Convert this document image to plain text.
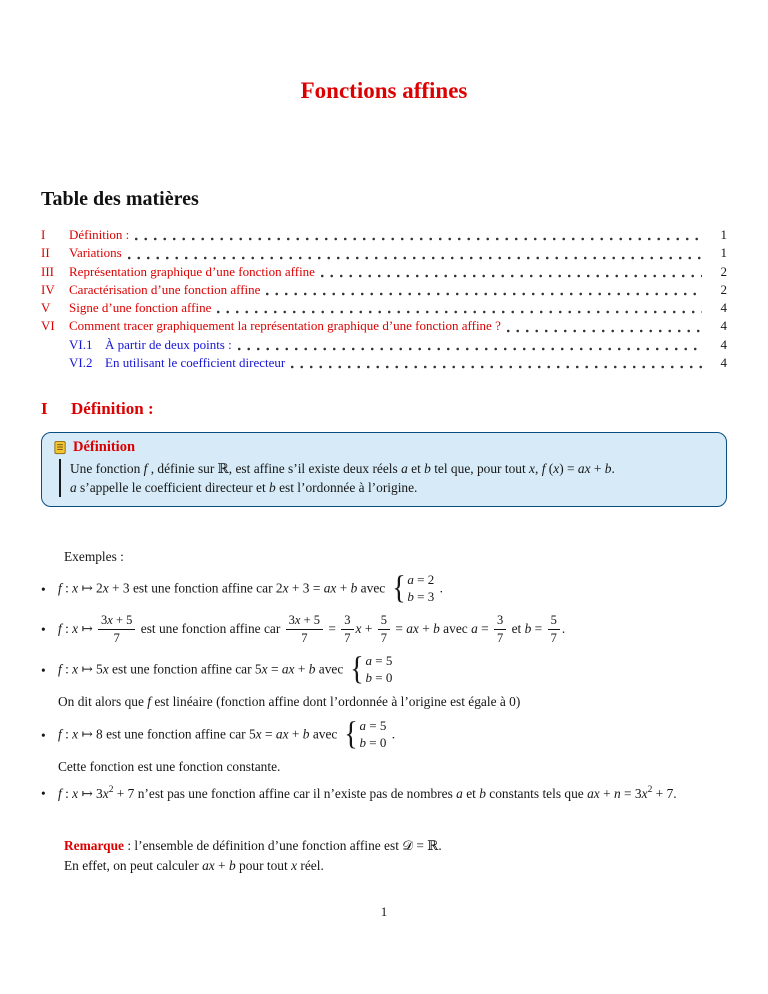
Fonctions affines
Table des matières
I	Définition :	1
II	Variations	1
III	Représentation graphique d’une fonction affine	2
IV	Caractérisation d’une fonction affine	2
V	Signe d’une fonction affine	4
VI	Comment tracer graphiquement la représentation graphique d’une fonction affine ?	4
VI.1 À partir de deux points :	4
VI.2 En utilisant le coefficient directeur	4
I Définition :
Définition

Une fonction f , définie sur ℝ, est affine s’il existe deux réels a et b tel que, pour tout x, f (x) = ax + b.

a s’appelle le coefficient directeur et b est l’ordonnée à l’origine.

Exemples :

• f : x ↦ 2x + 3 est une fonction affine car 2x + 3 = ax + b avec { a = 2
b = 3
.

• f : x ↦ $\frac{3x + 5}{7}$ est une fonction affine car $\frac{3x + 5}{7} = \frac{3}{7}$ $x + \frac{5}{7}$ = ax + b avec $a = \frac{3}{7}$ et $b = \frac{5}{7}$ .

• f : x ↦ 5x est une fonction affine car 5x = ax + b avec { a = 5
b = 0

On dit alors que f est linéaire (fonction affine dont l’ordonnée à l’origine est égale à 0)

• f : x ↦ 8 est une fonction affine car 5x = ax + b avec { a = 5
b = 0
.

Cette fonction est une fonction constante.

• f : x ↦ $3x^2 + 7$ n’est pas une fonction affine car il n’existe pas de nombres a et b constants tels que ax + $n = 3x^2 + 7$.

Remarque : l’ensemble de définition d’une fonction affine est 𝒟 = ℝ.
En effet, on peut calculer ax + b pour tout x réel.

1
